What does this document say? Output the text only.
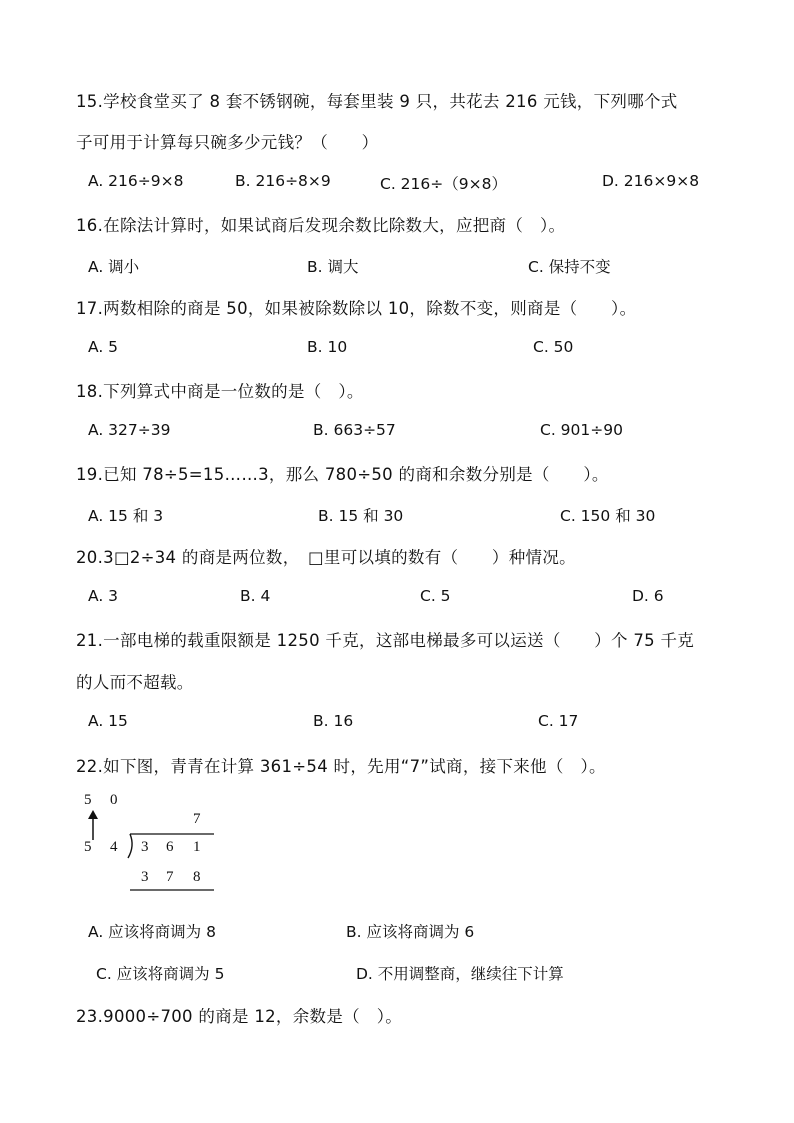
15.学校食堂买了 8 套不锈钢碗，每套里装 9 只，共花去 216 元钱，下列哪个式
子可用于计算每只碗多少元钱？（　　）
A. 216÷9×8	B. 216÷8×9	C. 216÷（9×8）	D. 216×9×8
16.在除法计算时，如果试商后发现余数比除数大，应把商（　）。
A. 调小	B. 调大	C. 保持不变
17.两数相除的商是 50，如果被除数除以 10，除数不变，则商是（　　）。
A. 5	B. 10	C. 50
18.下列算式中商是一位数的是（　）。
A. 327÷39	B. 663÷57	C. 901÷90
19.已知 78÷5=15……3，那么 780÷50 的商和余数分别是（　　）。
A. 15 和 3	B. 15 和 30	C. 150 和 30
20.3□2÷34 的商是两位数，　□里可以填的数有（　　）种情况。
A. 3	B. 4	C. 5	D. 6
21.一部电梯的载重限额是 1250 千克，这部电梯最多可以运送（　　）个 75 千克
的人而不超载。
A. 15	B. 16	C. 17
22.如下图，青青在计算 361÷54 时，先用“7”试商，接下来他（　）。
5 0
7
5 4 3 6 1
3 7 8
A. 应该将商调为 8	B. 应该将商调为 6
C. 应该将商调为 5	D. 不用调整商，继续往下计算
23.9000÷700 的商是 12，余数是（　）。
